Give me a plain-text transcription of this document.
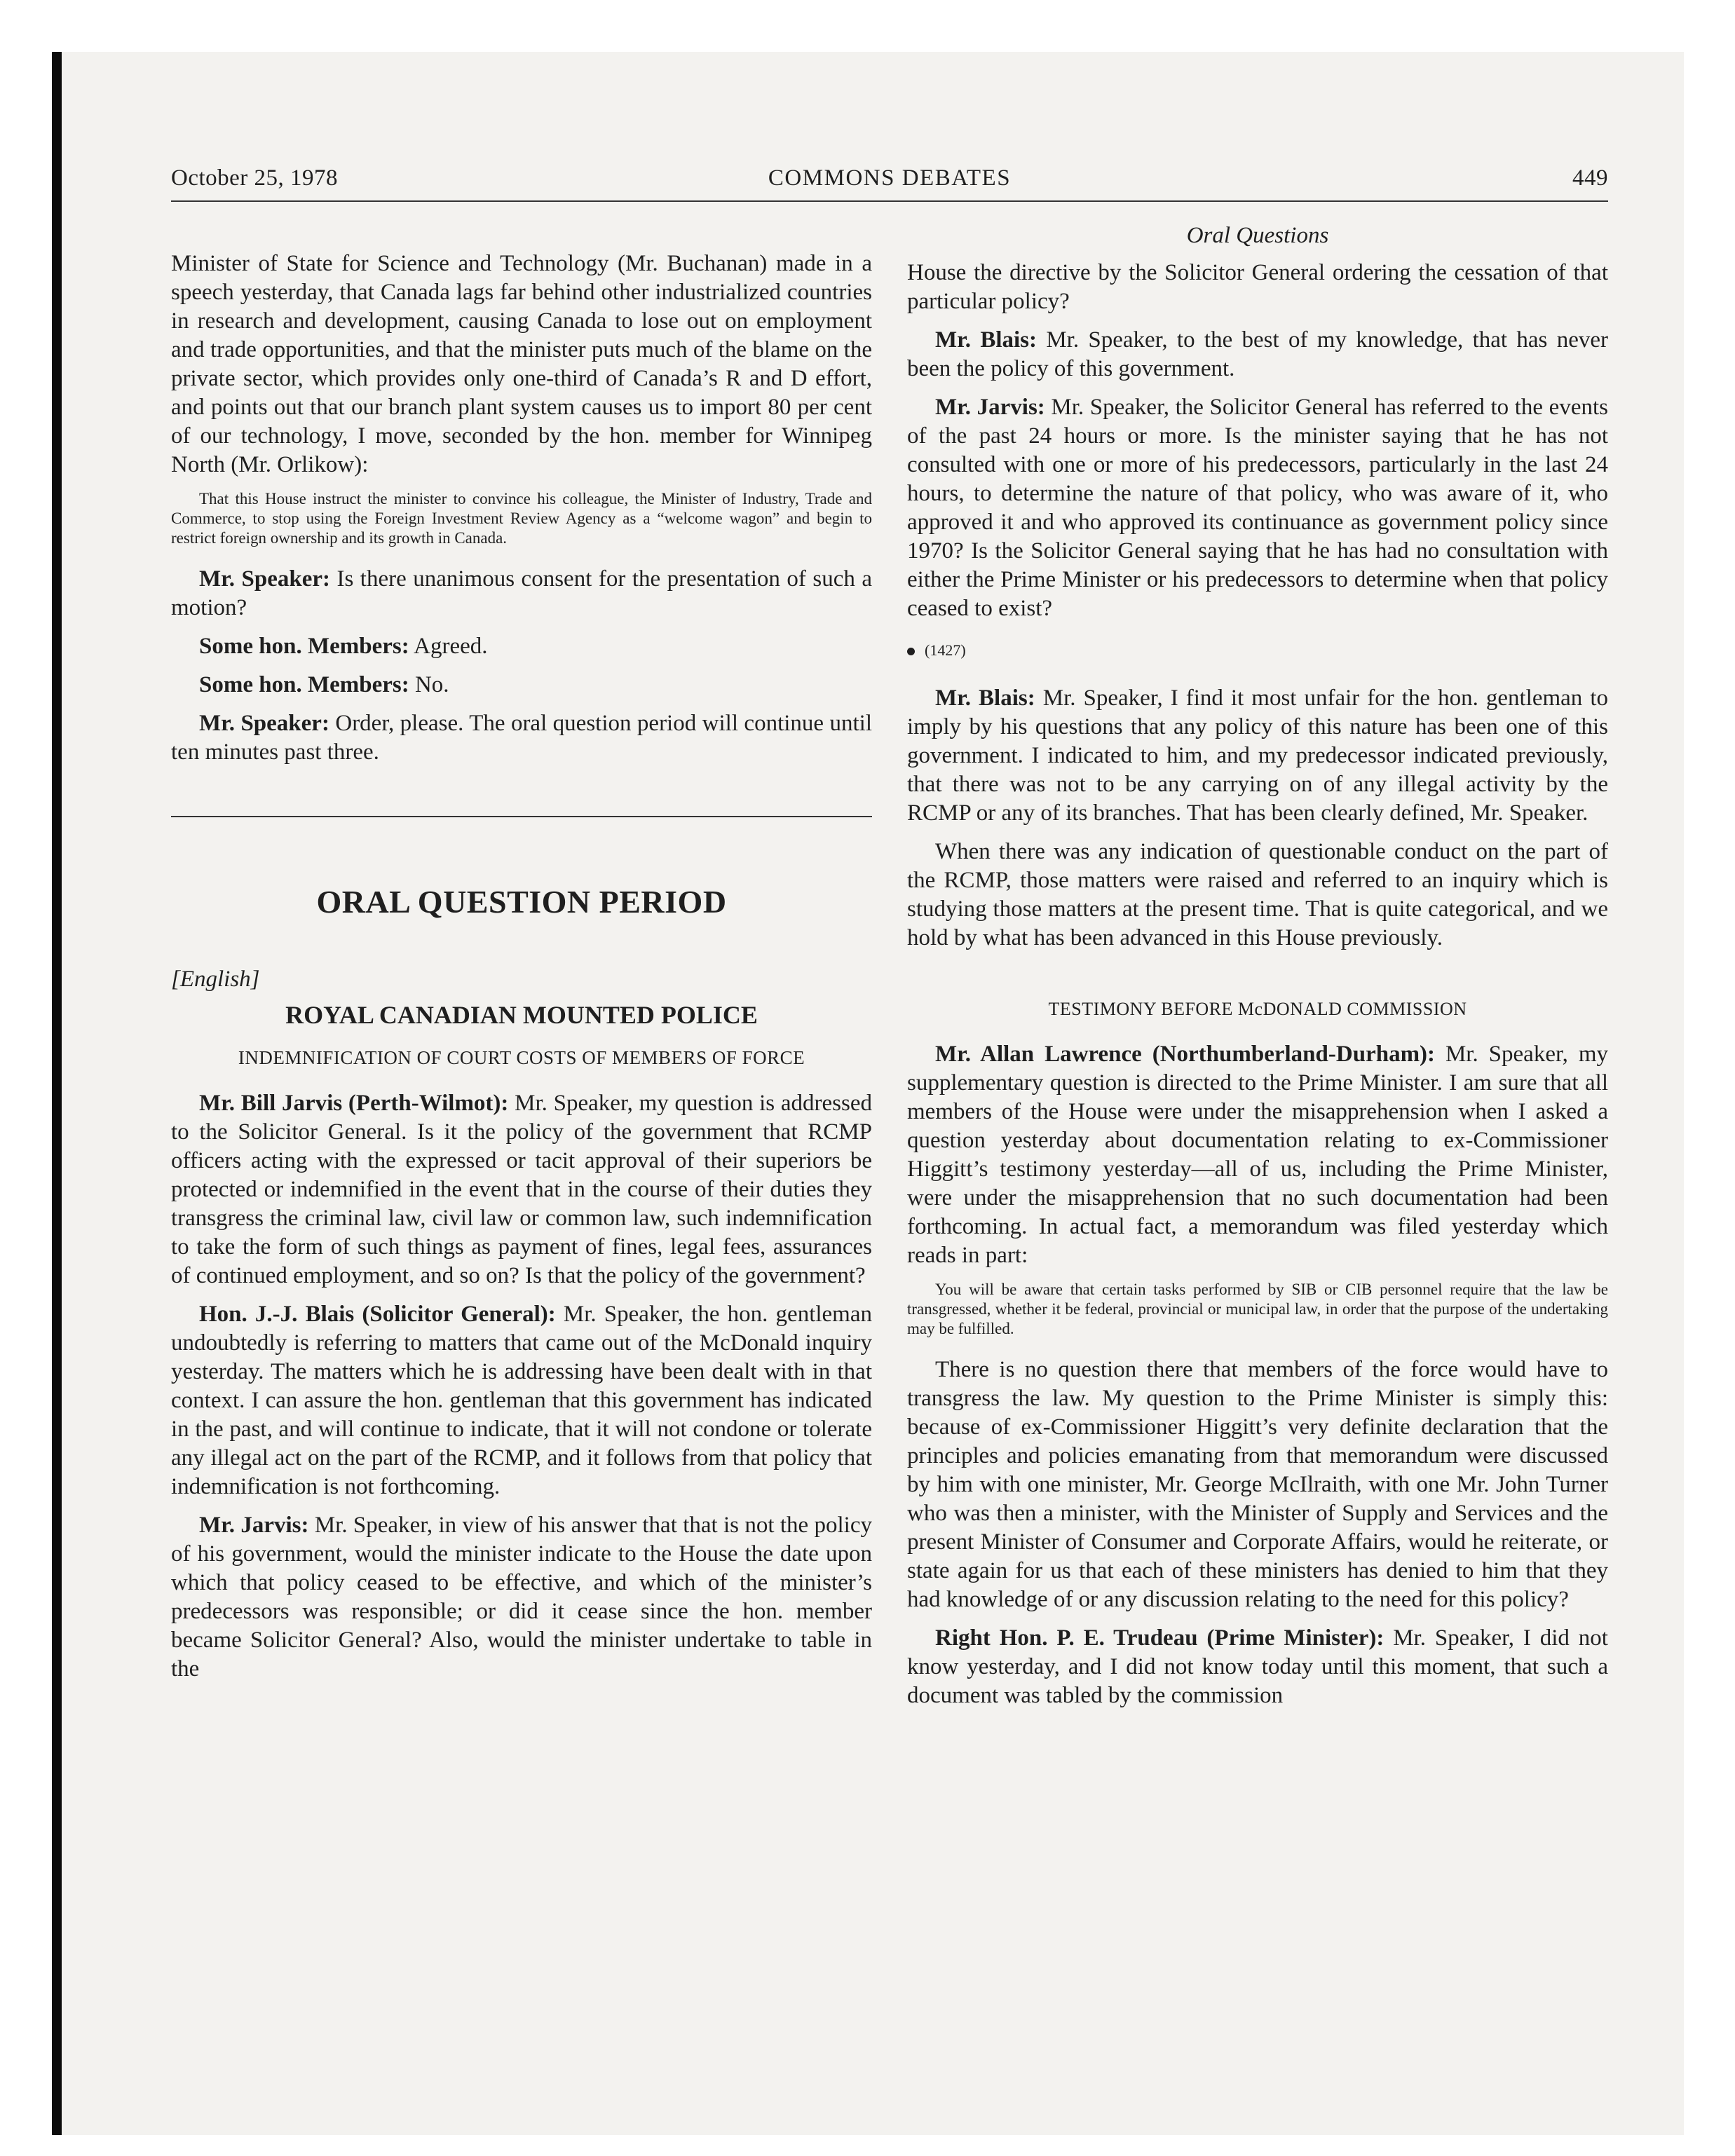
October 25, 1978	COMMONS DEBATES	449

Minister of State for Science and Technology (Mr. Buchanan) made in a speech yesterday, that Canada lags far behind other industrialized countries in research and development, causing Canada to lose out on employment and trade opportunities, and that the minister puts much of the blame on the private sector, which provides only one-third of Canada’s R and D effort, and points out that our branch plant system causes us to import 80 per cent of our technology, I move, seconded by the hon. member for Winnipeg North (Mr. Orlikow):

That this House instruct the minister to convince his colleague, the Minister of Industry, Trade and Commerce, to stop using the Foreign Investment Review Agency as a “welcome wagon” and begin to restrict foreign ownership and its growth in Canada.

Mr. Speaker: Is there unanimous consent for the presentation of such a motion?

Some hon. Members: Agreed.

Some hon. Members: No.

Mr. Speaker: Order, please. The oral question period will continue until ten minutes past three.

ORAL QUESTION PERIOD

[English]

ROYAL CANADIAN MOUNTED POLICE

INDEMNIFICATION OF COURT COSTS OF MEMBERS OF FORCE

Mr. Bill Jarvis (Perth-Wilmot): Mr. Speaker, my question is addressed to the Solicitor General. Is it the policy of the government that RCMP officers acting with the expressed or tacit approval of their superiors be protected or indemnified in the event that in the course of their duties they transgress the criminal law, civil law or common law, such indemnification to take the form of such things as payment of fines, legal fees, assurances of continued employment, and so on? Is that the policy of the government?

Hon. J.-J. Blais (Solicitor General): Mr. Speaker, the hon. gentleman undoubtedly is referring to matters that came out of the McDonald inquiry yesterday. The matters which he is addressing have been dealt with in that context. I can assure the hon. gentleman that this government has indicated in the past, and will continue to indicate, that it will not condone or tolerate any illegal act on the part of the RCMP, and it follows from that policy that indemnification is not forthcoming.

Mr. Jarvis: Mr. Speaker, in view of his answer that that is not the policy of his government, would the minister indicate to the House the date upon which that policy ceased to be effective, and which of the minister’s predecessors was responsible; or did it cease since the hon. member became Solicitor General? Also, would the minister undertake to table in the

Oral Questions

House the directive by the Solicitor General ordering the cessation of that particular policy?

Mr. Blais: Mr. Speaker, to the best of my knowledge, that has never been the policy of this government.

Mr. Jarvis: Mr. Speaker, the Solicitor General has referred to the events of the past 24 hours or more. Is the minister saying that he has not consulted with one or more of his predecessors, particularly in the last 24 hours, to determine the nature of that policy, who was aware of it, who approved it and who approved its continuance as government policy since 1970? Is the Solicitor General saying that he has had no consultation with either the Prime Minister or his predecessors to determine when that policy ceased to exist?

(1427)

Mr. Blais: Mr. Speaker, I find it most unfair for the hon. gentleman to imply by his questions that any policy of this nature has been one of this government. I indicated to him, and my predecessor indicated previously, that there was not to be any carrying on of any illegal activity by the RCMP or any of its branches. That has been clearly defined, Mr. Speaker.

When there was any indication of questionable conduct on the part of the RCMP, those matters were raised and referred to an inquiry which is studying those matters at the present time. That is quite categorical, and we hold by what has been advanced in this House previously.

TESTIMONY BEFORE McDONALD COMMISSION

Mr. Allan Lawrence (Northumberland-Durham): Mr. Speaker, my supplementary question is directed to the Prime Minister. I am sure that all members of the House were under the misapprehension when I asked a question yesterday about documentation relating to ex-Commissioner Higgitt’s testimony yesterday—all of us, including the Prime Minister, were under the misapprehension that no such documentation had been forthcoming. In actual fact, a memorandum was filed yesterday which reads in part:

You will be aware that certain tasks performed by SIB or CIB personnel require that the law be transgressed, whether it be federal, provincial or municipal law, in order that the purpose of the undertaking may be fulfilled.

There is no question there that members of the force would have to transgress the law. My question to the Prime Minister is simply this: because of ex-Commissioner Higgitt’s very definite declaration that the principles and policies emanating from that memorandum were discussed by him with one minister, Mr. George McIlraith, with one Mr. John Turner who was then a minister, with the Minister of Supply and Services and the present Minister of Consumer and Corporate Affairs, would he reiterate, or state again for us that each of these ministers has denied to him that they had knowledge of or any discussion relating to the need for this policy?

Right Hon. P. E. Trudeau (Prime Minister): Mr. Speaker, I did not know yesterday, and I did not know today until this moment, that such a document was tabled by the commission
